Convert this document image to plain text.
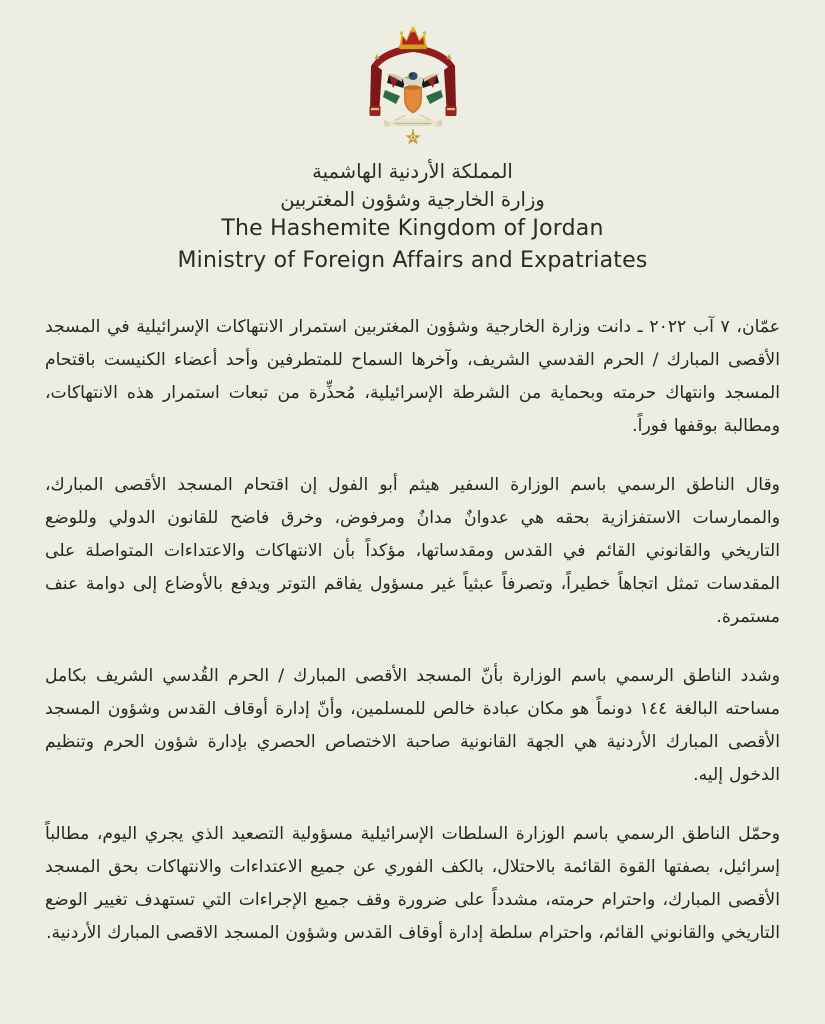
المملكة الأردنية الهاشمية
وزارة الخارجية وشؤون المغتربين
The Hashemite Kingdom of Jordan
Ministry of Foreign Affairs and Expatriates

عمّان، ٧ آب ٢٠٢٢ ـ دانت وزارة الخارجية وشؤون المغتربين استمرار الانتهاكات الإسرائيلية في المسجد الأقصى المبارك / الحرم القدسي الشريف، وآخرها السماح للمتطرفين وأحد أعضاء الكنيست باقتحام المسجد وانتهاك حرمته وبحماية من الشرطة الإسرائيلية، مُحذِّرة من تبعات استمرار هذه الانتهاكات، ومطالبة بوقفها فوراً.

وقال الناطق الرسمي باسم الوزارة السفير هيثم أبو الفول إن اقتحام المسجد الأقصى المبارك، والممارسات الاستفزازية بحقه هي عدوانٌ مدانٌ ومرفوض، وخرق فاضح للقانون الدولي وللوضع التاريخي والقانوني القائم في القدس ومقدساتها، مؤكداً بأن الانتهاكات والاعتداءات المتواصلة على المقدسات تمثل اتجاهاً خطيراً، وتصرفاً عبثياً غير مسؤول يفاقم التوتر ويدفع بالأوضاع إلى دوامة عنف مستمرة.

وشدد الناطق الرسمي باسم الوزارة بأنّ المسجد الأقصى المبارك / الحرم القُدسي الشريف بكامل مساحته البالغة ١٤٤ دونماً هو مكان عبادة خالص للمسلمين، وأنّ إدارة أوقاف القدس وشؤون المسجد الأقصى المبارك الأردنية هي الجهة القانونية صاحبة الاختصاص الحصري بإدارة شؤون الحرم وتنظيم الدخول إليه.

وحمّل الناطق الرسمي باسم الوزارة السلطات الإسرائيلية مسؤولية التصعيد الذي يجري اليوم، مطالباً إسرائيل، بصفتها القوة القائمة بالاحتلال، بالكف الفوري عن جميع الاعتداءات والانتهاكات بحق المسجد الأقصى المبارك، واحترام حرمته، مشدداً على ضرورة وقف جميع الإجراءات التي تستهدف تغيير الوضع التاريخي والقانوني القائم، واحترام سلطة إدارة أوقاف القدس وشؤون المسجد الاقصى المبارك الأردنية.
